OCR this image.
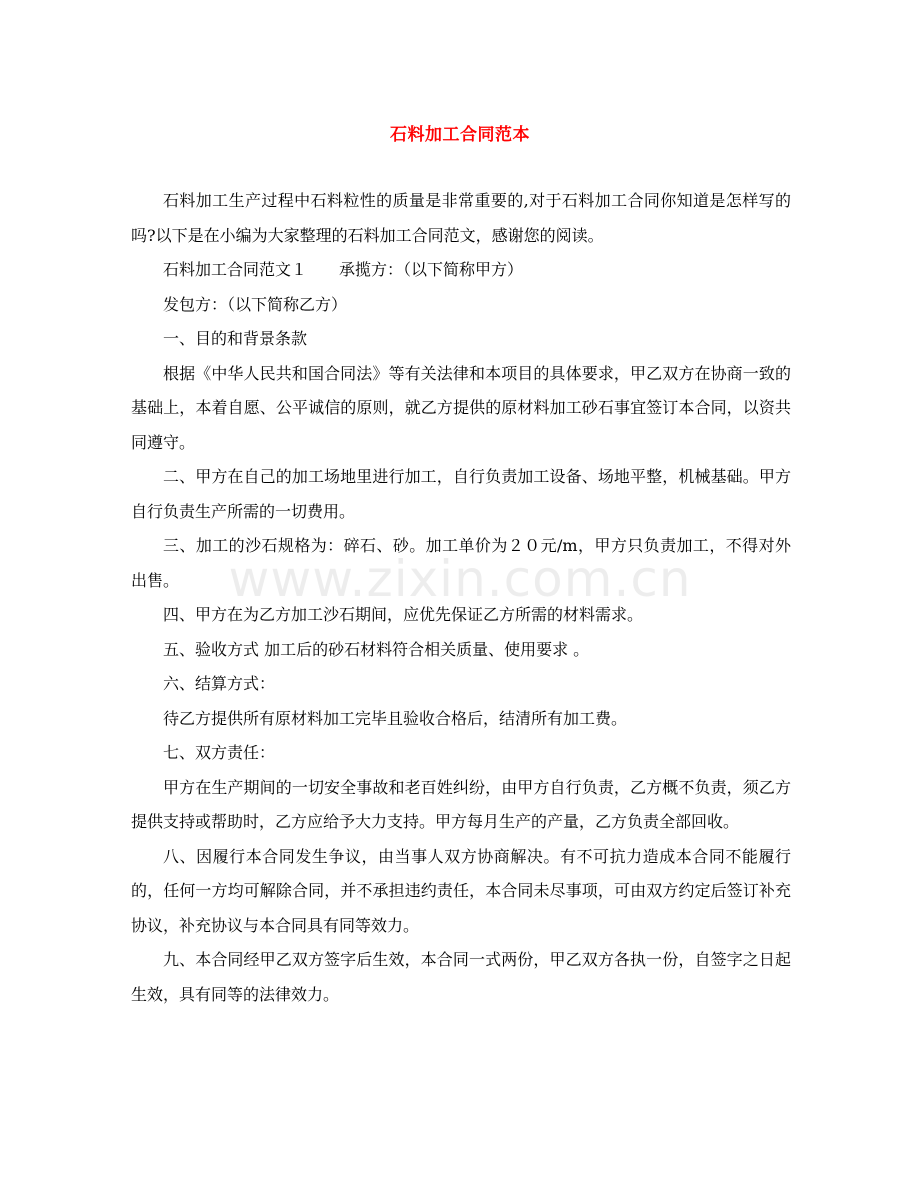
www.zixin.com.cn
石料加工合同范本

石料加工生产过程中石料粒性的质量是非常重要的,对于石料加工合同你知道是怎样写的吗?以下是在小编为大家整理的石料加工合同范文，感谢您的阅读。

石料加工合同范文１　　承揽方：（以下简称甲方）

发包方：（以下简称乙方）

一、目的和背景条款

根据《中华人民共和国合同法》等有关法律和本项目的具体要求，甲乙双方在协商一致的基础上，本着自愿、公平诚信的原则，就乙方提供的原材料加工砂石事宜签订本合同，以资共同遵守。

二、甲方在自己的加工场地里进行加工，自行负责加工设备、场地平整，机械基础。甲方自行负责生产所需的一切费用。

三、加工的沙石规格为：碎石、砂。加工单价为２０元/m，甲方只负责加工，不得对外出售。

四、甲方在为乙方加工沙石期间，应优先保证乙方所需的材料需求。

五、验收方式 加工后的砂石材料符合相关质量、使用要求 。

六、结算方式：

待乙方提供所有原材料加工完毕且验收合格后，结清所有加工费。

七、双方责任：

甲方在生产期间的一切安全事故和老百姓纠纷，由甲方自行负责，乙方概不负责，须乙方提供支持或帮助时，乙方应给予大力支持。甲方每月生产的产量，乙方负责全部回收。

八、因履行本合同发生争议，由当事人双方协商解决。有不可抗力造成本合同不能履行的，任何一方均可解除合同，并不承担违约责任，本合同未尽事项，可由双方约定后签订补充协议，补充协议与本合同具有同等效力。

九、本合同经甲乙双方签字后生效，本合同一式两份，甲乙双方各执一份，自签字之日起生效，具有同等的法律效力。
